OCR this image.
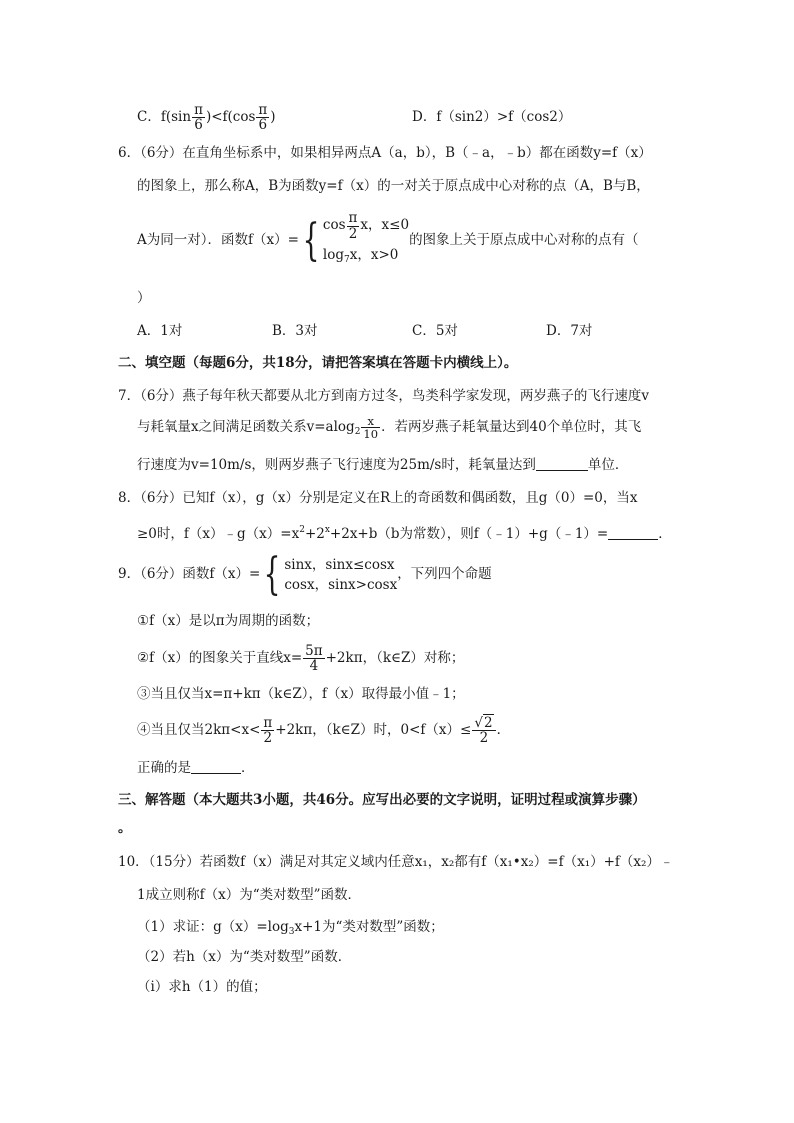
C．$f(\sin \frac{\pi}{6} )<f(\cos \frac{\pi}{6}$ )	D．f（sin2）>f（cos2）
6．（6分）在直角坐标系中，如果相异两点A（a，b），B（﹣a，﹣b）都在函数y=f（x）
的图象上，那么称A，B为函数y=f（x）的一对关于原点成中心对称的点（A，B与B，
A为同一对）．函数f（x）={ $\cos \frac{\pi}{2}$ x，x≤0
$\log_7x$，x>0
的图象上关于原点成中心对称的点有（
）
A．1对	B．3对	C．5对	D．7对
二、填空题（每题6分，共18分，请把答案填在答题卡内横线上）。
7．（6分）燕子每年秋天都要从北方到南方过冬，鸟类科学家发现，两岁燕子的飞行速度v
与耗氧量x之间满足函数关系$v=alog_2 \frac{x}{10}$ ．若两岁燕子耗氧量达到40个单位时，其飞
行速度为v=10m/s，则两岁燕子飞行速度为25m/s时，耗氧量达到	单位．
8．（6分）已知f（x），g（x）分别是定义在R上的奇函数和偶函数，且g（0）=0，当x
≥0时，$f(x)﹣g(x)=x^2+2^x+2x+b(b$为常数），则f（﹣1）+g（﹣1）=	．
9．（6分）函数f（x）={ sinx，sinx≤cosx
cosx，sinx>cosx
，下列四个命题
①f（x）是以π为周期的函数；
②f（x）的图象关于直线$x= \frac{5\pi}{4} +2k\pi$，（k∈Z）对称；
③当且仅当x=π+kπ（k∈Z），f（x）取得最小值﹣1；
④当且仅当$2k\pi<x< \frac{\pi}{2} +2k\pi$，（k∈Z）时，$0<f(x)\le \frac{√2}{2}$ ．
正确的是	．
三、解答题（本大题共3小题，共46分。应写出必要的文字说明，证明过程或演算步骤）
。
10．（15分）若函数f（x）满足对其定义域内任意x₁，x₂都有f（x₁•x₂）=f（x₁）+f（x₂）﹣
1成立则称f（x）为“类对数型”函数．
（1）求证：$g(x)=\log_3x+1$为“类对数型”函数；
（2）若h（x）为“类对数型”函数．
（ⅰ）求h（1）的值；
